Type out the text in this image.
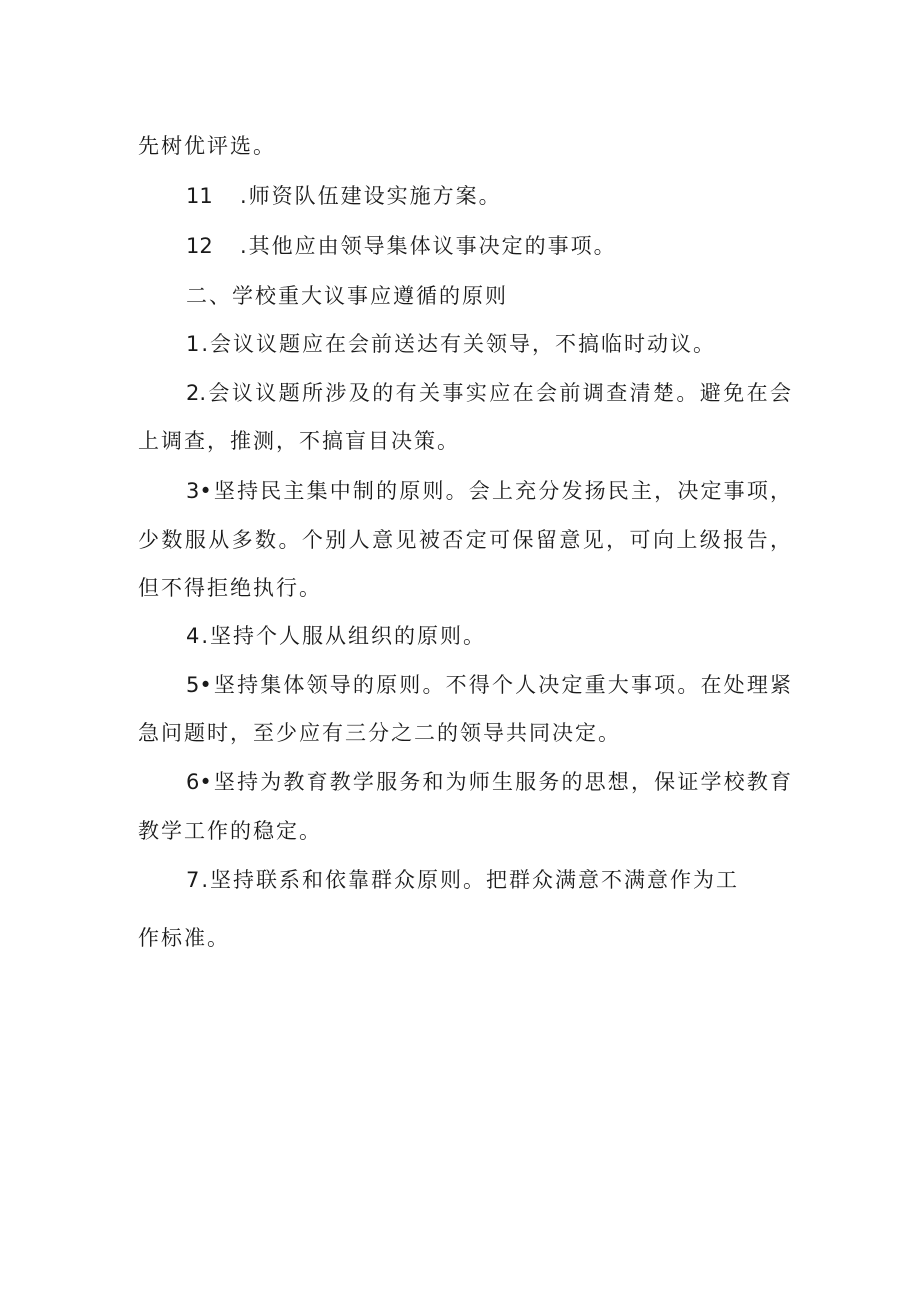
先树优评选。
11 .师资队伍建设实施方案。
12 .其他应由领导集体议事决定的事项。
二、学校重大议事应遵循的原则
1.会议议题应在会前送达有关领导，不搞临时动议。
2.会议议题所涉及的有关事实应在会前调查清楚。避免在会
上调查，推测，不搞盲目决策。
3•坚持民主集中制的原则。会上充分发扬民主，决定事项，
少数服从多数。个别人意见被否定可保留意见，可向上级报告，
但不得拒绝执行。
4.坚持个人服从组织的原则。
5•坚持集体领导的原则。不得个人决定重大事项。在处理紧
急问题时，至少应有三分之二的领导共同决定。
6•坚持为教育教学服务和为师生服务的思想，保证学校教育
教学工作的稳定。
7.坚持联系和依靠群众原则。把群众满意不满意作为工
作标准。
